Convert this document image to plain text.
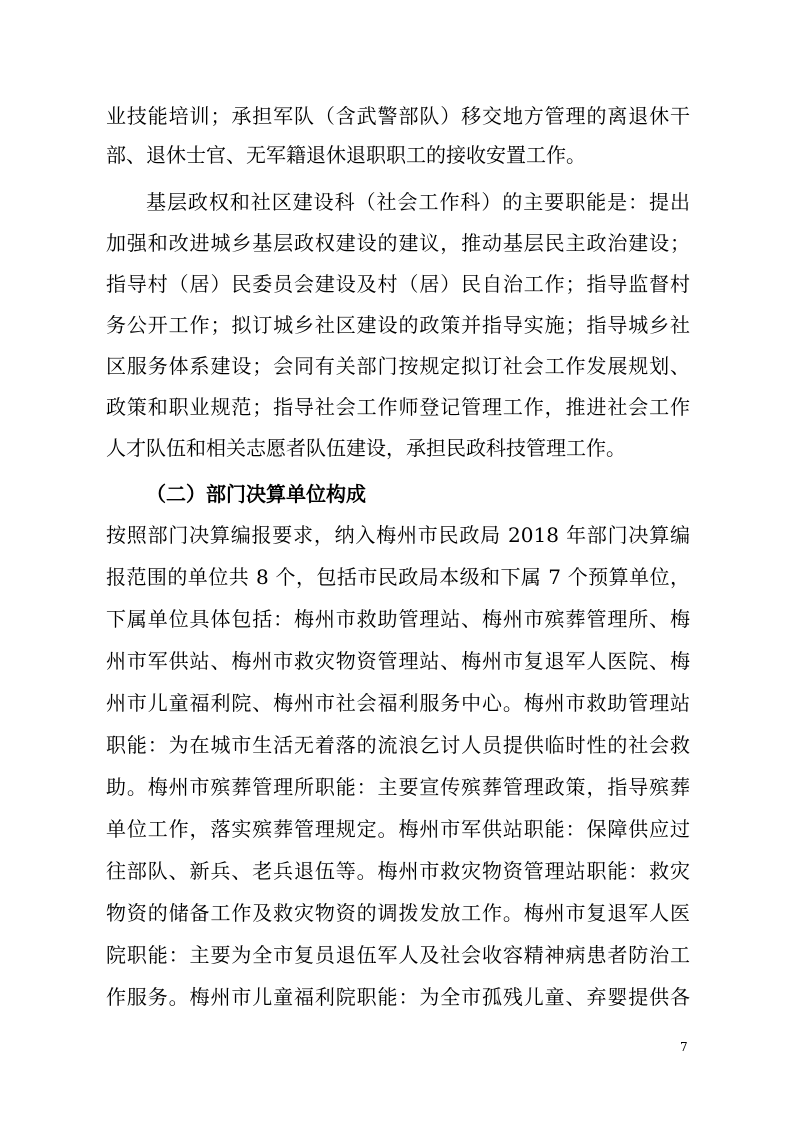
业技能培训；承担军队（含武警部队）移交地方管理的离退休干
部、退休士官、无军籍退休退职职工的接收安置工作。
基层政权和社区建设科（社会工作科）的主要职能是：提出
加强和改进城乡基层政权建设的建议，推动基层民主政治建设；
指导村（居）民委员会建设及村（居）民自治工作；指导监督村
务公开工作；拟订城乡社区建设的政策并指导实施；指导城乡社
区服务体系建设；会同有关部门按规定拟订社会工作发展规划、
政策和职业规范；指导社会工作师登记管理工作，推进社会工作
人才队伍和相关志愿者队伍建设，承担民政科技管理工作。
（二）部门决算单位构成
按照部门决算编报要求，纳入梅州市民政局 2018 年部门决算编
报范围的单位共 8 个，包括市民政局本级和下属 7 个预算单位，
下属单位具体包括：梅州市救助管理站、梅州市殡葬管理所、梅
州市军供站、梅州市救灾物资管理站、梅州市复退军人医院、梅
州市儿童福利院、梅州市社会福利服务中心。梅州市救助管理站
职能：为在城市生活无着落的流浪乞讨人员提供临时性的社会救
助。梅州市殡葬管理所职能：主要宣传殡葬管理政策，指导殡葬
单位工作，落实殡葬管理规定。梅州市军供站职能：保障供应过
往部队、新兵、老兵退伍等。梅州市救灾物资管理站职能：救灾
物资的储备工作及救灾物资的调拨发放工作。梅州市复退军人医
院职能：主要为全市复员退伍军人及社会收容精神病患者防治工
作服务。梅州市儿童福利院职能：为全市孤残儿童、弃婴提供各
7
